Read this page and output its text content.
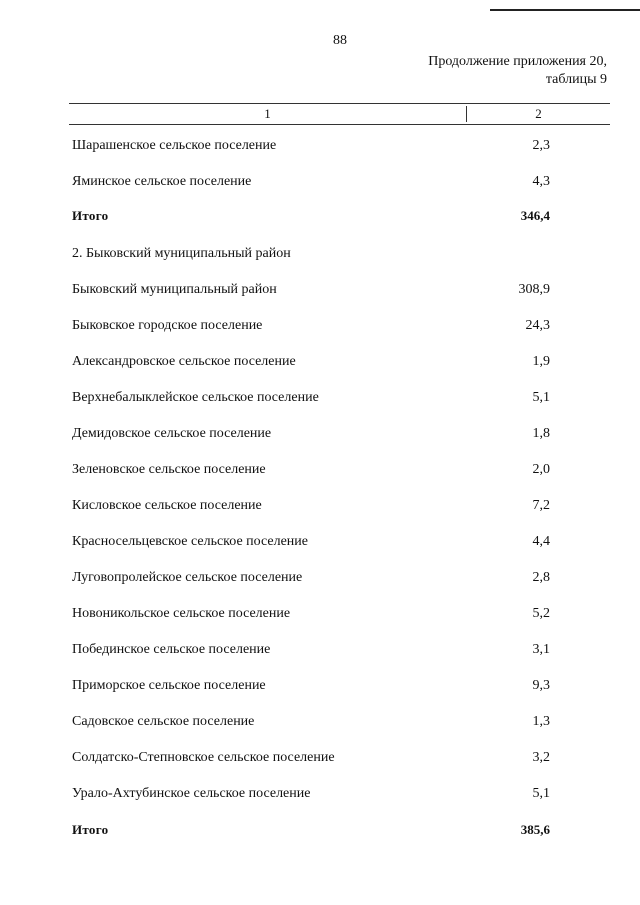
88
Продолжение приложения 20,
таблицы 9
1	2
Шарашенское сельское поселение	2,3
Яминское сельское поселение	4,3
Итого	346,4
2. Быковский муниципальный район
Быковский муниципальный район	308,9
Быковское городское поселение	24,3
Александровское сельское поселение	1,9
Верхнебалыклейское сельское поселение	5,1
Демидовское сельское поселение	1,8
Зеленовское сельское поселение	2,0
Кисловское сельское поселение	7,2
Красносельцевское сельское поселение	4,4
Луговопролейское сельское поселение	2,8
Новоникольское сельское поселение	5,2
Побединское сельское поселение	3,1
Приморское сельское поселение	9,3
Садовское сельское поселение	1,3
Солдатско-Степновское сельское поселение	3,2
Урало-Ахтубинское сельское поселение	5,1
Итого	385,6
